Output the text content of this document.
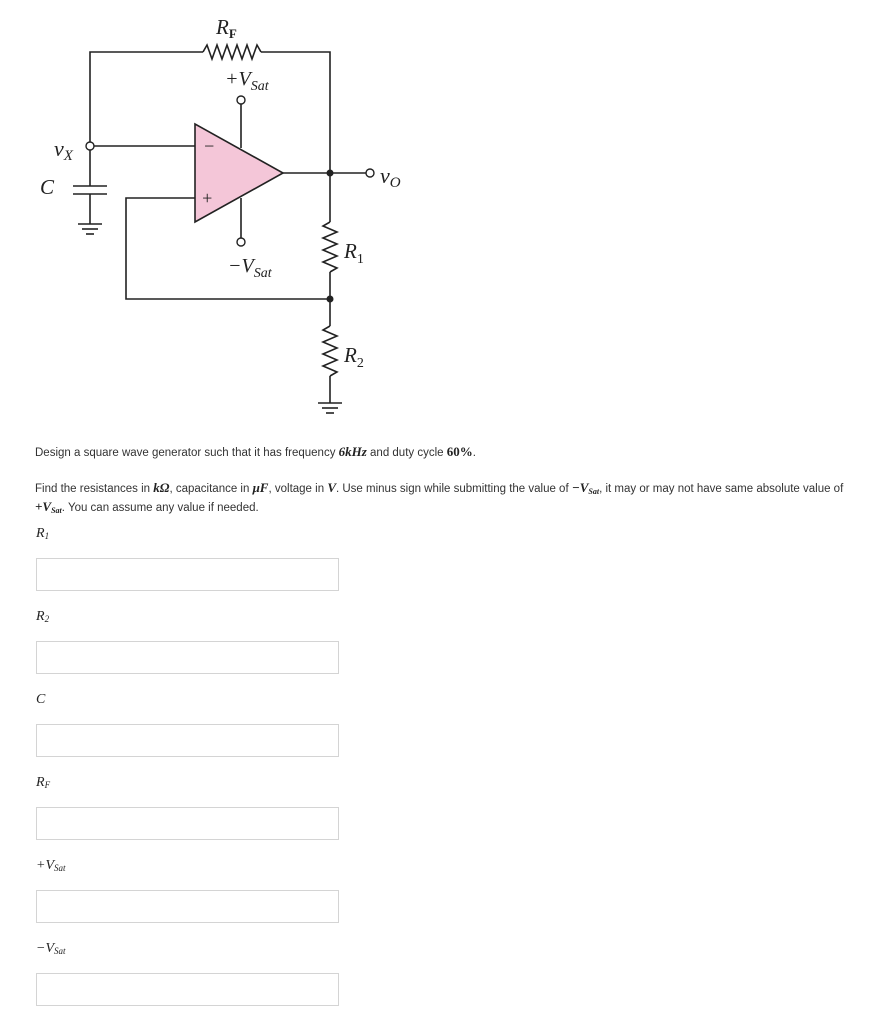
RF
$+V_{Sat}$
$-V_{Sat}$
vX
C	vO
$R_1$
$R_2$
−
+

Design a square wave generator such that it has frequency 6kHz and duty cycle 60%.

Find the resistances in kΩ, capacitance in μF, voltage in V. Use minus sign while submitting the value of $-V_{Sat}$, it may or may not have same absolute value of $+V_{Sat}$. You can assume any value if needed.

$R_1$
$R_2$
C
$R_F$
$+V_{Sat}$
$-V_{Sat}$
